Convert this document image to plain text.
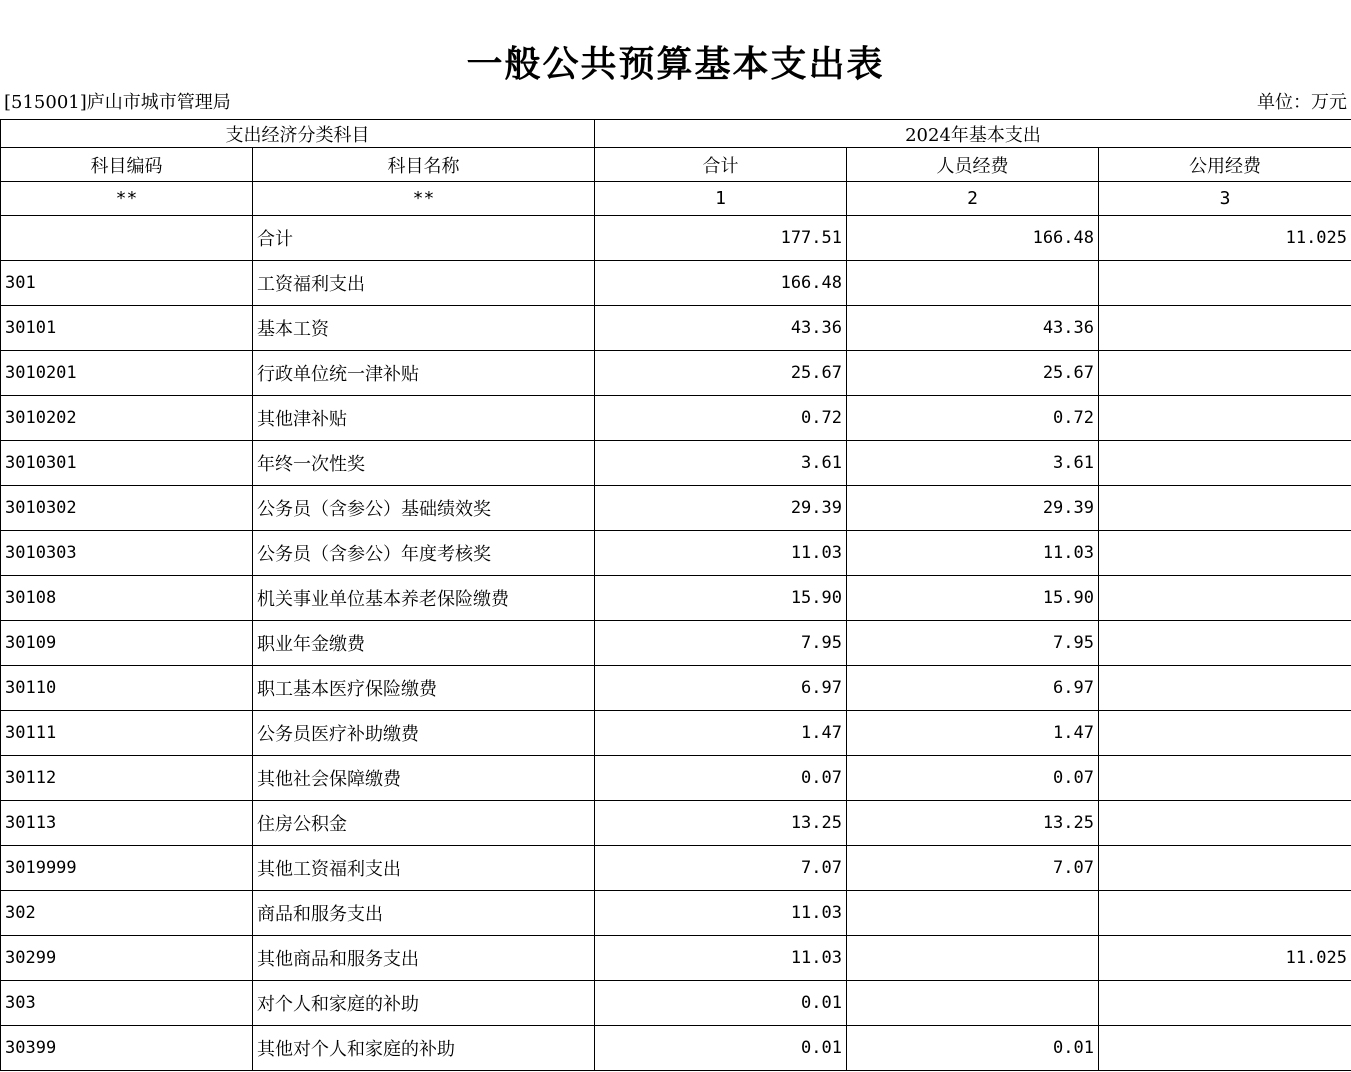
一般公共预算基本支出表
[515001]庐山市城市管理局	单位：万元
支出经济分类科目		2024年基本支出		
科目编码	科目名称	合计	人员经费	公用经费
**	**	1	2	3
	合计	177.51	166.48	11.025
301	工资福利支出	166.48		
30101	基本工资	43.36	43.36	
3010201	行政单位统一津补贴	25.67	25.67	
3010202	其他津补贴	0.72	0.72	
3010301	年终一次性奖	3.61	3.61	
3010302	公务员（含参公）基础绩效奖	29.39	29.39	
3010303	公务员（含参公）年度考核奖	11.03	11.03	
30108	机关事业单位基本养老保险缴费	15.90	15.90	
30109	职业年金缴费	7.95	7.95	
30110	职工基本医疗保险缴费	6.97	6.97	
30111	公务员医疗补助缴费	1.47	1.47	
30112	其他社会保障缴费	0.07	0.07	
30113	住房公积金	13.25	13.25	
3019999	其他工资福利支出	7.07	7.07	
302	商品和服务支出	11.03		
30299	其他商品和服务支出	11.03		11.025
303	对个人和家庭的补助	0.01		
30399	其他对个人和家庭的补助	0.01	0.01	
